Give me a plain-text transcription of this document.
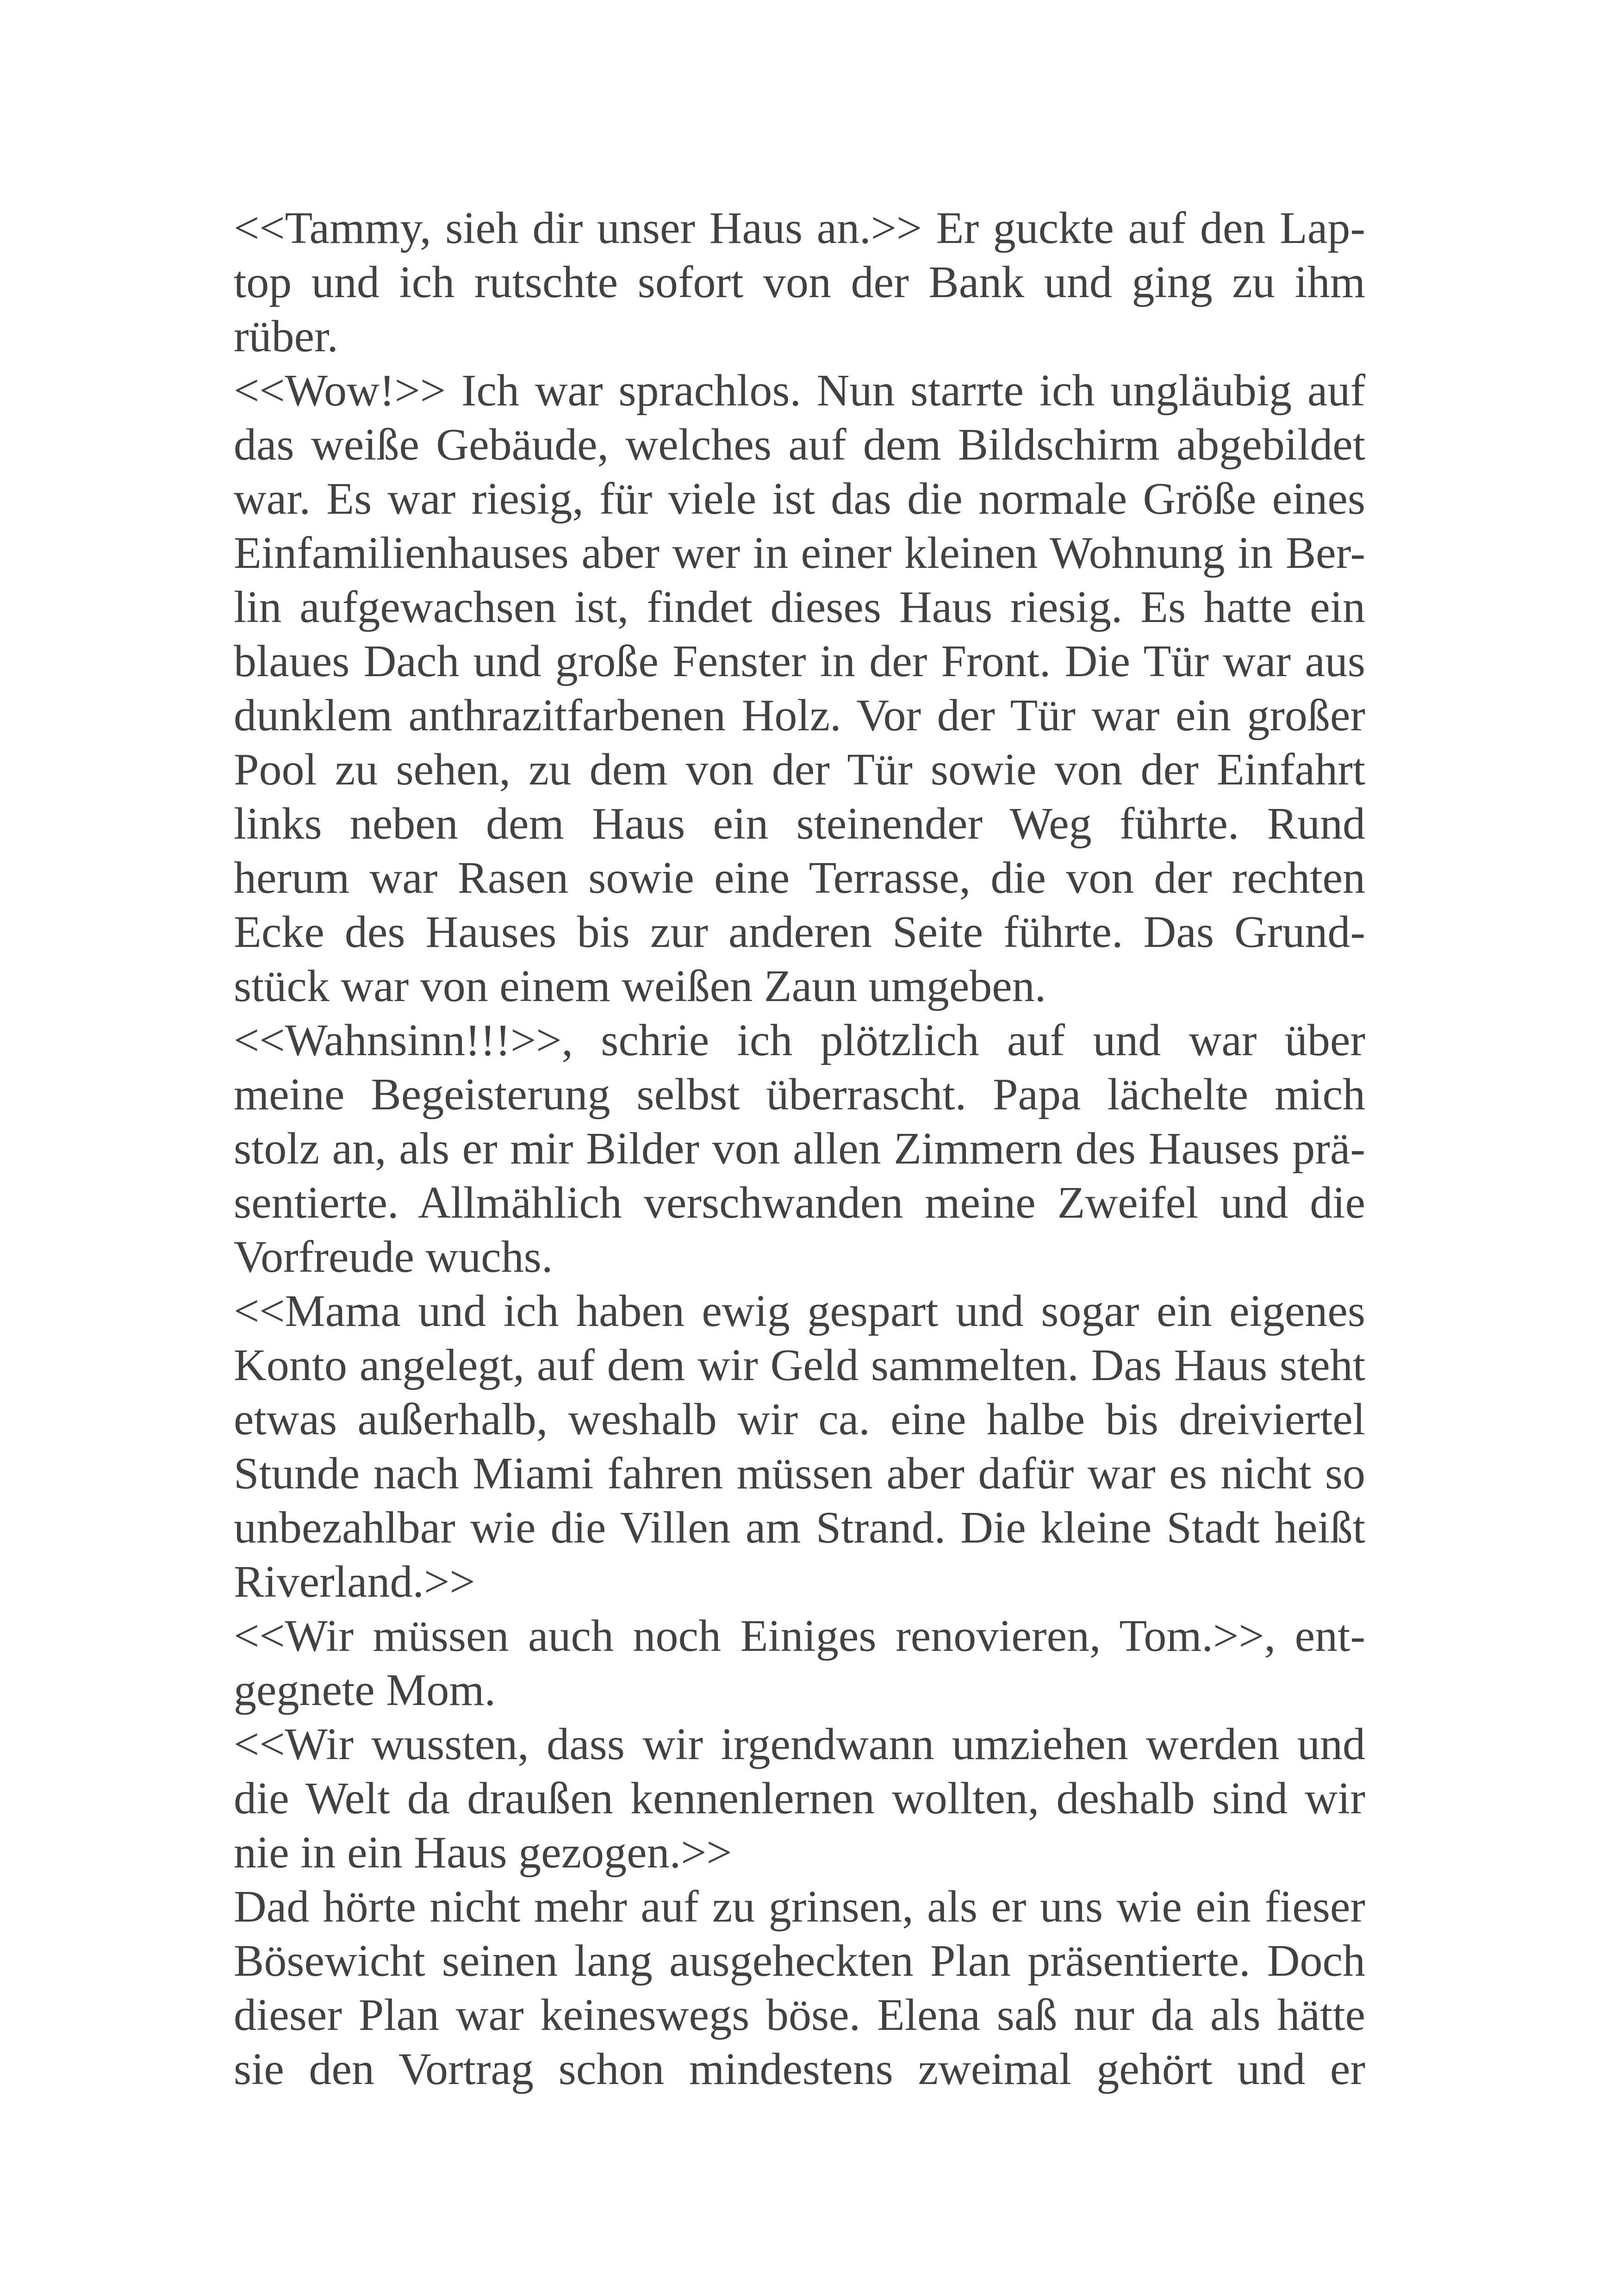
<<Tammy, sieh dir unser Haus an.>> Er guckte auf den Lap-
top und ich rutschte sofort von der Bank und ging zu ihm
rüber.
<<Wow!>> Ich war sprachlos. Nun starrte ich ungläubig auf
das weiße Gebäude, welches auf dem Bildschirm abgebildet
war. Es war riesig, für viele ist das die normale Größe eines
Einfamilienhauses aber wer in einer kleinen Wohnung in Ber-
lin aufgewachsen ist, findet dieses Haus riesig. Es hatte ein
blaues Dach und große Fenster in der Front. Die Tür war aus
dunklem anthrazitfarbenen Holz. Vor der Tür war ein großer
Pool zu sehen, zu dem von der Tür sowie von der Einfahrt
links neben dem Haus ein steinender Weg führte. Rund
herum war Rasen sowie eine Terrasse, die von der rechten
Ecke des Hauses bis zur anderen Seite führte. Das Grund-
stück war von einem weißen Zaun umgeben.
<<Wahnsinn!!!>>, schrie ich plötzlich auf und war über
meine Begeisterung selbst überrascht. Papa lächelte mich
stolz an, als er mir Bilder von allen Zimmern des Hauses prä-
sentierte. Allmählich verschwanden meine Zweifel und die
Vorfreude wuchs.
<<Mama und ich haben ewig gespart und sogar ein eigenes
Konto angelegt, auf dem wir Geld sammelten. Das Haus steht
etwas außerhalb, weshalb wir ca. eine halbe bis dreiviertel
Stunde nach Miami fahren müssen aber dafür war es nicht so
unbezahlbar wie die Villen am Strand. Die kleine Stadt heißt
Riverland.>>
<<Wir müssen auch noch Einiges renovieren, Tom.>>, ent-
gegnete Mom.
<<Wir wussten, dass wir irgendwann umziehen werden und
die Welt da draußen kennenlernen wollten, deshalb sind wir
nie in ein Haus gezogen.>>
Dad hörte nicht mehr auf zu grinsen, als er uns wie ein fieser
Bösewicht seinen lang ausgeheckten Plan präsentierte. Doch
dieser Plan war keineswegs böse. Elena saß nur da als hätte
sie den Vortrag schon mindestens zweimal gehört und er
